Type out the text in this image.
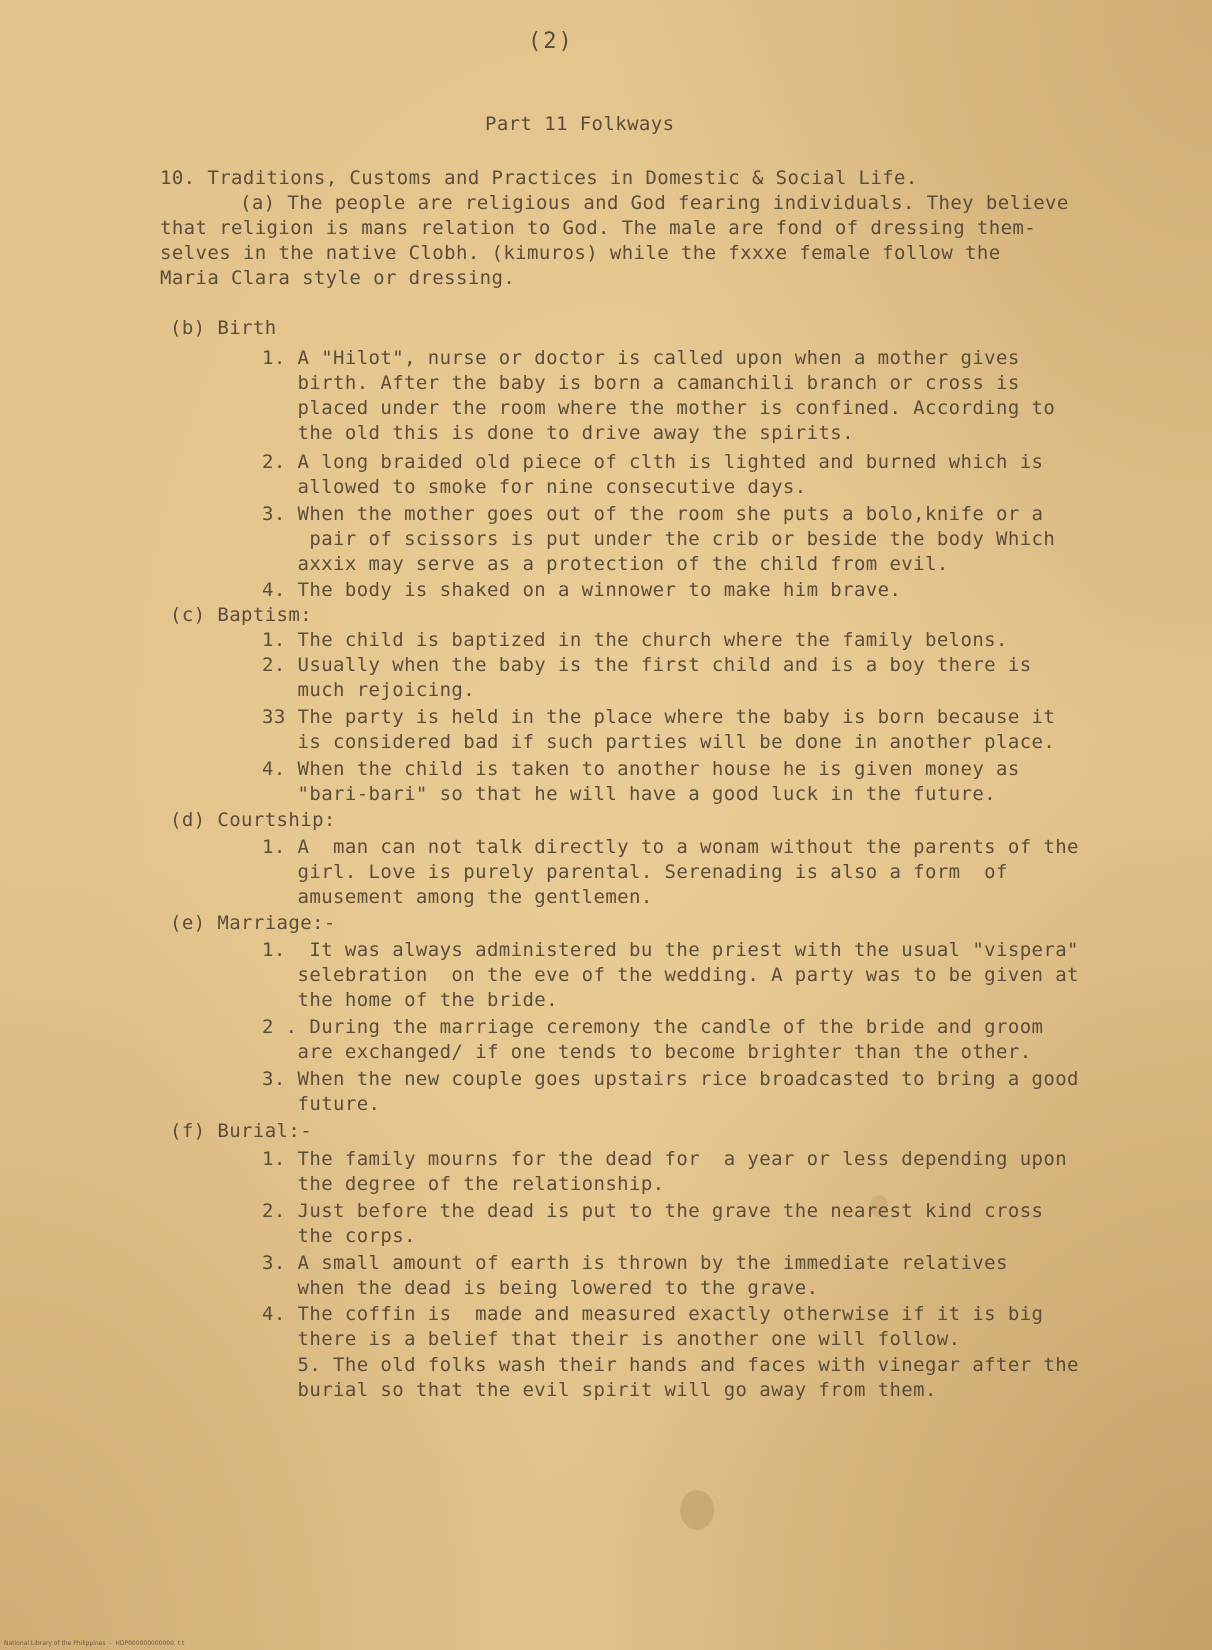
(2)
Part 11 Folkways
10. Traditions, Customs and Practices in Domestic & Social Life.
(a) The people are religious and God fearing individuals. They believe
that religion is mans relation to God. The male are fond of dressing them-
selves in the native Clobh. (kimuros) while the fxxxe female follow the
Maria Clara style or dressing.
(b) Birth
1. A "Hilot", nurse or doctor is called upon when a mother gives
birth. After the baby is born a camanchili branch or cross is
placed under the room where the mother is confined. According to
the old this is done to drive away the spirits.
2. A long braided old piece of clth is lighted and burned which is
allowed to smoke for nine consecutive days.
3. When the mother goes out of the room she puts a bolo,knife or a
pair of scissors is put under the crib or beside the body Which
axxix may serve as a protection of the child from evil.
4. The body is shaked on a winnower to make him brave.
(c) Baptism:
1. The child is baptized in the church where the family belons.
2. Usually when the baby is the first child and is a boy there is
much rejoicing.
33 The party is held in the place where the baby is born because it
is considered bad if such parties will be done in another place.
4. When the child is taken to another house he is given money as
"bari-bari" so that he will have a good luck in the future.
(d) Courtship:
1. A  man can not talk directly to a wonam without the parents of the
girl. Love is purely parental. Serenading is also a form  of
amusement among the gentlemen.
(e) Marriage:-
1.  It was always administered bu the priest with the usual "vispera"
selebration  on the eve of the wedding. A party was to be given at
the home of the bride.
2 . During the marriage ceremony the candle of the bride and groom
are exchanged/ if one tends to become brighter than the other.
3. When the new couple goes upstairs rice broadcasted to bring a good
future.
(f) Burial:-
1. The family mourns for the dead for  a year or less depending upon
the degree of the relationship.
2. Just before the dead is put to the grave the nearest kind cross
the corps.
3. A small amount of earth is thrown by the immediate relatives
when the dead is being lowered to the grave.
4. The coffin is  made and measured exactly otherwise if it is big
there is a belief that their is another one will follow.
5. The old folks wash their hands and faces with vinegar after the
burial so that the evil spirit will go away from them.
National Library of the Philippines  -  HDP000000000000. t.t
